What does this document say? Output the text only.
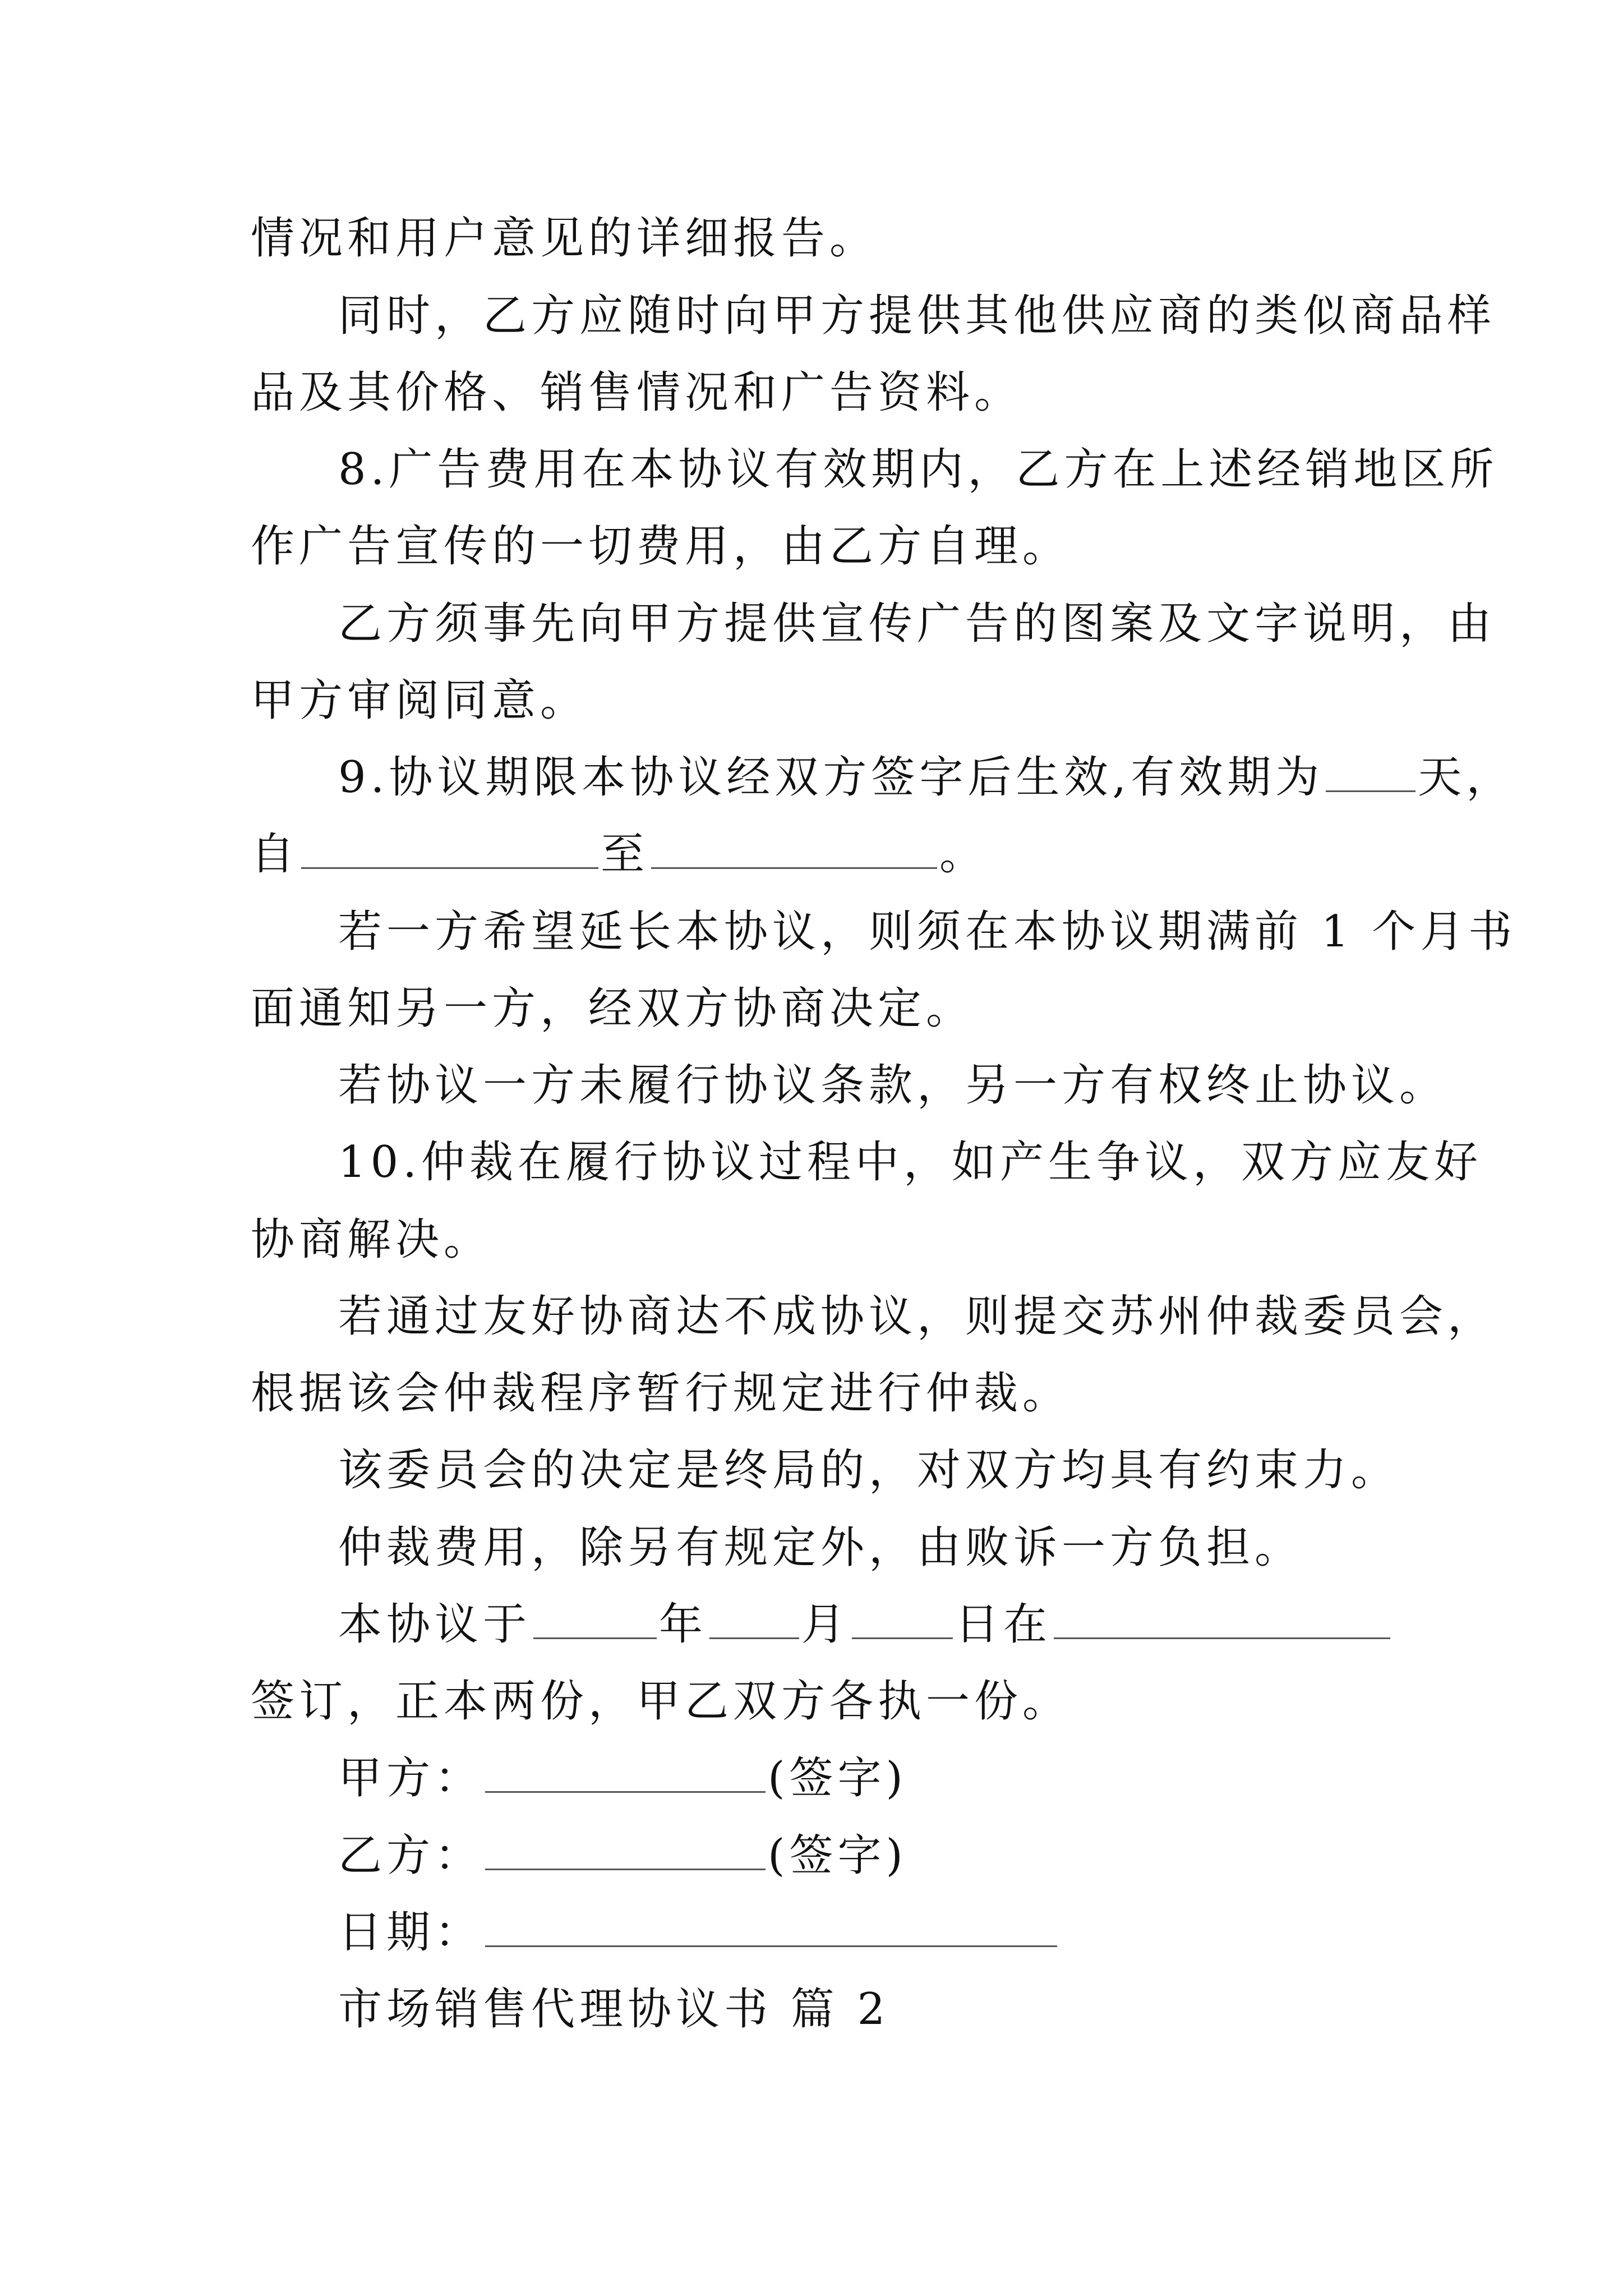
情况和用户意见的详细报告。
同时，乙方应随时向甲方提供其他供应商的类似商品样
品及其价格、销售情况和广告资料。
8.广告费用在本协议有效期内，乙方在上述经销地区所
作广告宣传的一切费用，由乙方自理。
乙方须事先向甲方提供宣传广告的图案及文字说明，由
甲方审阅同意。
9.协议期限本协议经双方签字后生效,有效期为 天，
自	至	。
若一方希望延长本协议，则须在本协议期满前 1 个月书
面通知另一方，经双方协商决定。
若协议一方未履行协议条款，另一方有权终止协议。
10.仲裁在履行协议过程中，如产生争议，双方应友好
协商解决。
若通过友好协商达不成协议，则提交苏州仲裁委员会，
根据该会仲裁程序暂行规定进行仲裁。
该委员会的决定是终局的，对双方均具有约束力。
仲裁费用，除另有规定外，由败诉一方负担。
本协议于	年 月 日在
签订，正本两份，甲乙双方各执一份。
甲方：	(签字)
乙方：	(签字)
日期：
市场销售代理协议书 篇 2
